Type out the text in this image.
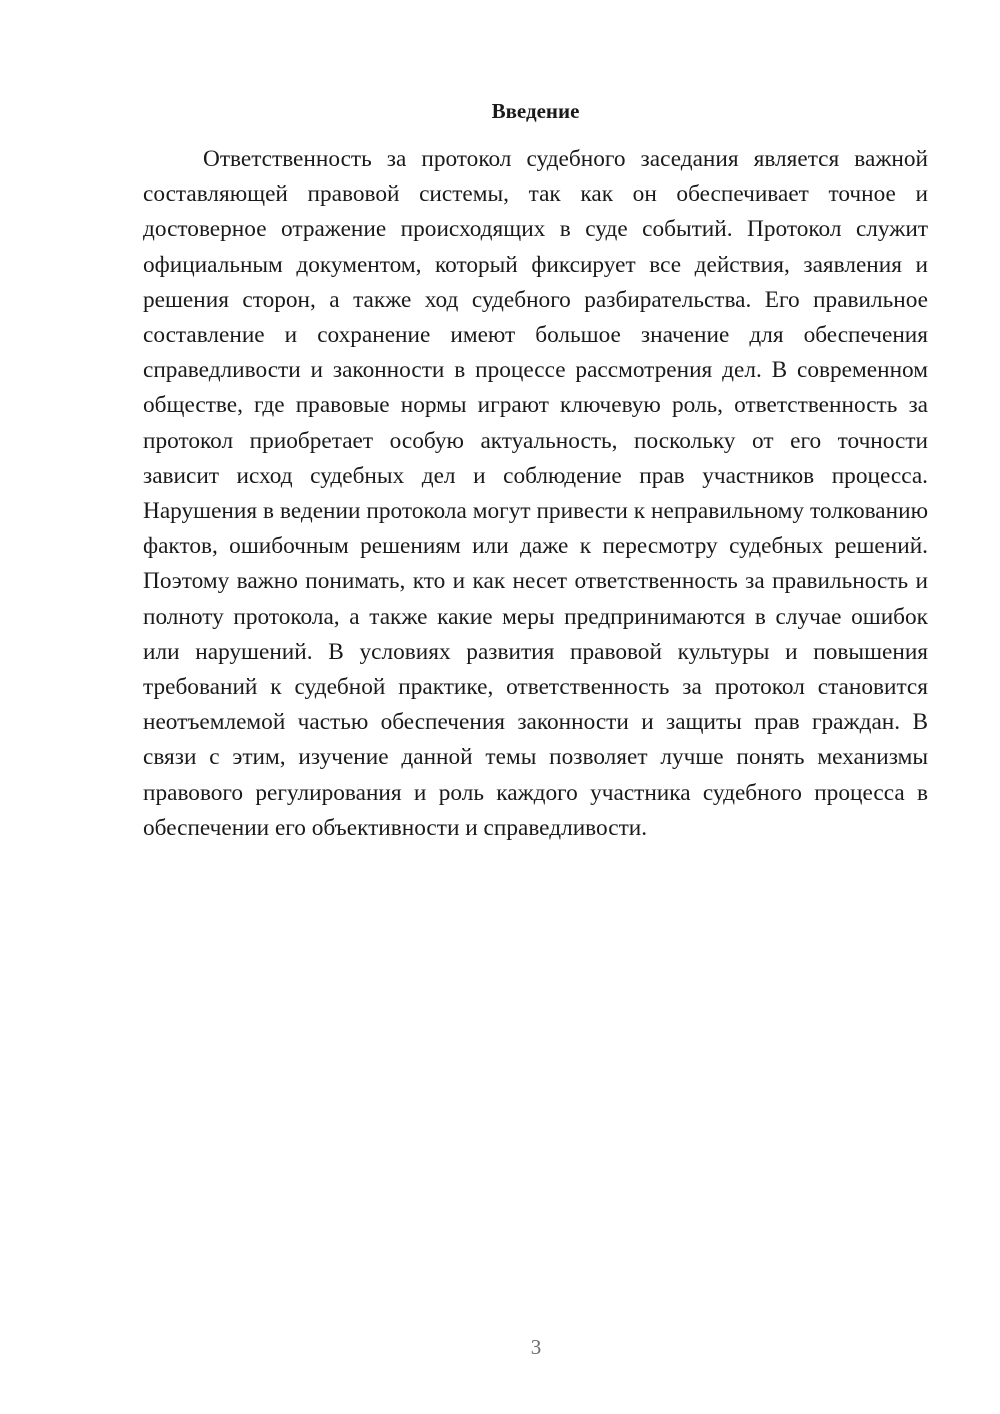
Введение

Ответственность за протокол судебного заседания является важной составляющей правовой системы, так как он обеспечивает точное и достоверное отражение происходящих в суде событий. Протокол служит официальным документом, который фиксирует все действия, заявления и решения сторон, а также ход судебного разбирательства. Его правильное составление и сохранение имеют большое значение для обеспечения справедливости и законности в процессе рассмотрения дел. В современном обществе, где правовые нормы играют ключевую роль, ответственность за протокол приобретает особую актуальность, поскольку от его точности зависит исход судебных дел и соблюдение прав участников процесса. Нарушения в ведении протокола могут привести к неправильному толкованию фактов, ошибочным решениям или даже к пересмотру судебных решений. Поэтому важно понимать, кто и как несет ответственность за правильность и полноту протокола, а также какие меры предпринимаются в случае ошибок или нарушений. В условиях развития правовой культуры и повышения требований к судебной практике, ответственность за протокол становится неотъемлемой частью обеспечения законности и защиты прав граждан. В связи с этим, изучение данной темы позволяет лучше понять механизмы правового регулирования и роль каждого участника судебного процесса в обеспечении его объективности и справедливости.

3
